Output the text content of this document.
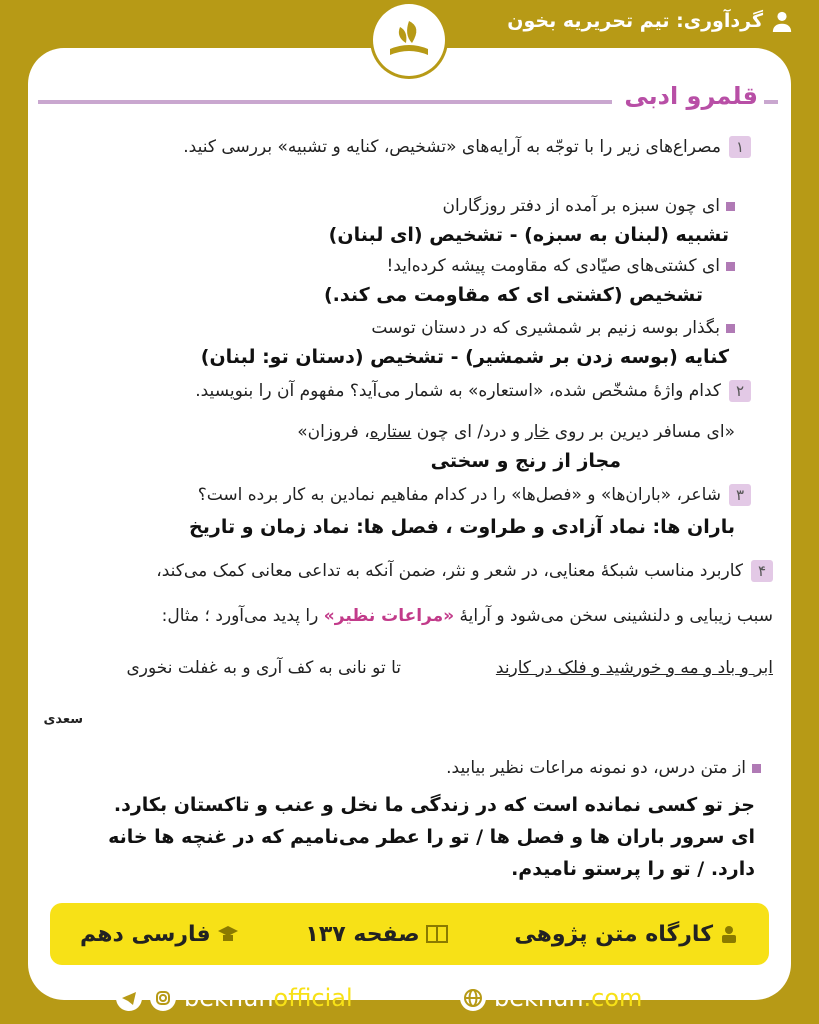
گردآوری: تیم تحریریه بخون
قلمرو ادبی
۱مصراع‌های زیر را با توجّه به آرایه‌های «تشخیص، کنایه و تشبیه» بررسی کنید.
ای چون سبزه بر آمده از دفتر روزگاران
تشبیه (لبنان به سبزه) - تشخیص (ای لبنان)
ای کشتی‌های صیّادی که مقاومت پیشه کرده‌اید!
تشخیص (کشتی ای که مقاومت می کند.)
بگذار بوسه زنیم بر شمشیری که در دستان توست
کنایه (بوسه زدن بر شمشیر) - تشخیص (دستان تو: لبنان)
۲کدام واژهٔ مشخّص شده، «استعاره» به شمار می‌آید؟ مفهوم آن را بنویسید.
«ای مسافر دیرین بر روی خار و درد/ ای چون ستاره، فروزان»
مجاز از رنج و سختی
۳شاعر، «باران‌ها» و «فصل‌ها» را در کدام مفاهیم نمادین به کار برده است؟
باران ها: نماد آزادی و طراوت ، فصل ها: نماد زمان و تاریخ
۴کاربرد مناسب شبکهٔ معنایی، در شعر و نثر، ضمن آنکه به تداعی معانی کمک می‌کند،
سبب زیبایی و دلنشینی سخن می‌شود و آرایهٔ «مراعات نظیر» را پدید می‌آورد ؛ مثال:
ابر و باد و مه و خورشید و فلک در کارند
تا تو نانی به کف آری و به غفلت نخوری
سعدی
از متن درس، دو نمونه مراعات نظیر بیابید.
جز تو کسی نمانده است که در زندگی ما نخل و عنب و تاکستان بکارد.
ای سرور باران ها و فصل ها / تو را عطر می‌نامیم که در غنچه ها خانه
دارد. / تو را پرستو نامیدم.
کارگاه متن پژوهی
صفحه ۱۳۷
فارسی دهم
bekhunofficial	bekhun.com
